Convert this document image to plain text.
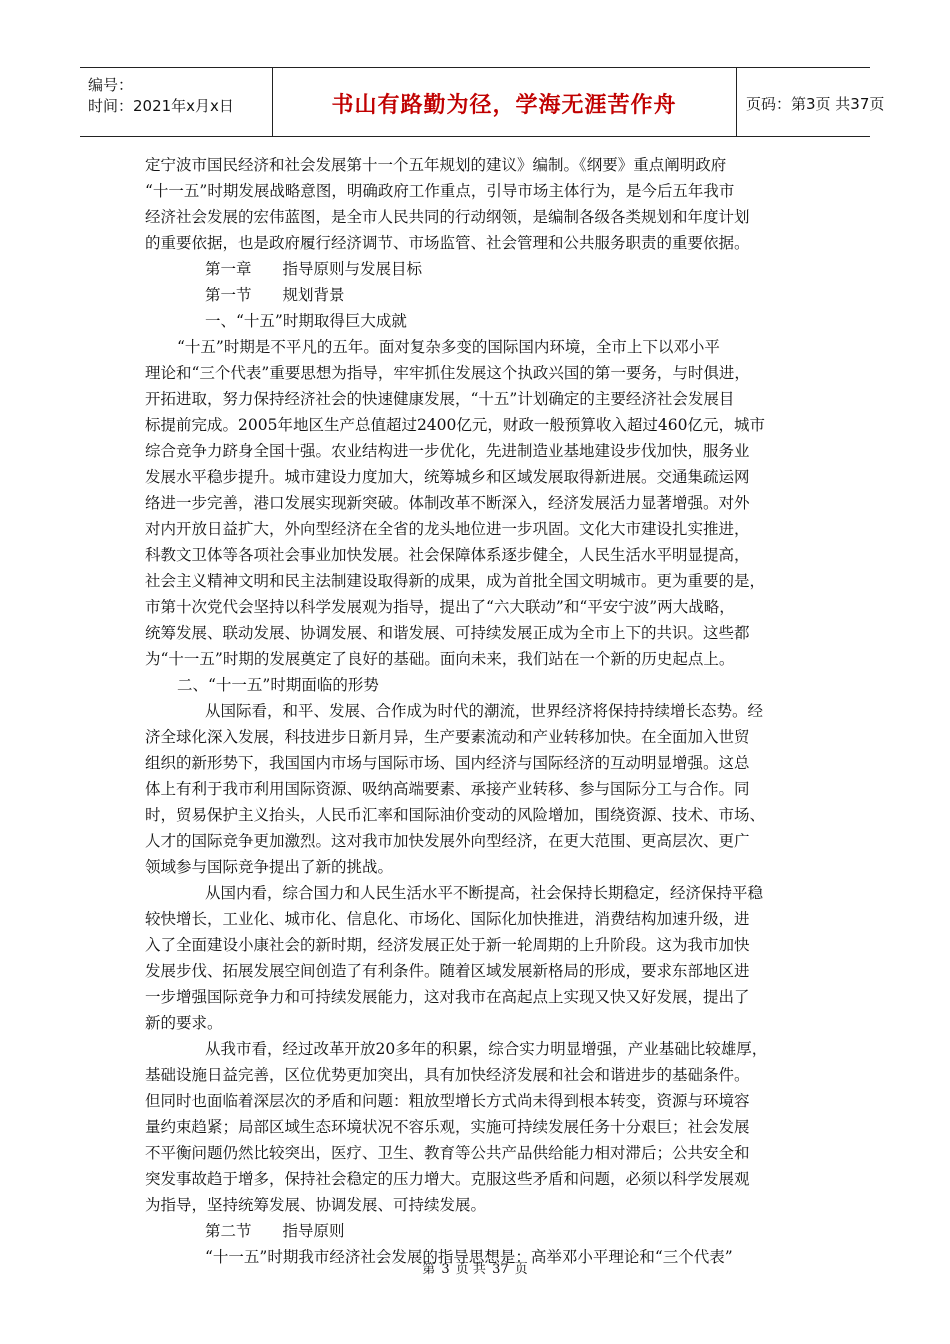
编号：
时间：2021年x月x日	书山有路勤为径，学海无涯苦作舟	页码：第3页 共37页
定宁波市国民经济和社会发展第十一个五年规划的建议》编制。《纲要》重点阐明政府
“十一五”时期发展战略意图，明确政府工作重点，引导市场主体行为，是今后五年我市
经济社会发展的宏伟蓝图，是全市人民共同的行动纲领，是编制各级各类规划和年度计划
的重要依据，也是政府履行经济调节、市场监管、社会管理和公共服务职责的重要依据。
第一章　　指导原则与发展目标
第一节　　规划背景
一、“十五”时期取得巨大成就
“十五”时期是不平凡的五年。面对复杂多变的国际国内环境，全市上下以邓小平
理论和“三个代表”重要思想为指导，牢牢抓住发展这个执政兴国的第一要务，与时俱进，
开拓进取，努力保持经济社会的快速健康发展，“十五”计划确定的主要经济社会发展目
标提前完成。2005年地区生产总值超过2400亿元，财政一般预算收入超过460亿元，城市
综合竞争力跻身全国十强。农业结构进一步优化，先进制造业基地建设步伐加快，服务业
发展水平稳步提升。城市建设力度加大，统筹城乡和区域发展取得新进展。交通集疏运网
络进一步完善，港口发展实现新突破。体制改革不断深入，经济发展活力显著增强。对外
对内开放日益扩大，外向型经济在全省的龙头地位进一步巩固。文化大市建设扎实推进，
科教文卫体等各项社会事业加快发展。社会保障体系逐步健全，人民生活水平明显提高，
社会主义精神文明和民主法制建设取得新的成果，成为首批全国文明城市。更为重要的是，
市第十次党代会坚持以科学发展观为指导，提出了“六大联动”和“平安宁波”两大战略，
统筹发展、联动发展、协调发展、和谐发展、可持续发展正成为全市上下的共识。这些都
为“十一五”时期的发展奠定了良好的基础。面向未来，我们站在一个新的历史起点上。
二、“十一五”时期面临的形势
从国际看，和平、发展、合作成为时代的潮流，世界经济将保持持续增长态势。经
济全球化深入发展，科技进步日新月异，生产要素流动和产业转移加快。在全面加入世贸
组织的新形势下，我国国内市场与国际市场、国内经济与国际经济的互动明显增强。这总
体上有利于我市利用国际资源、吸纳高端要素、承接产业转移、参与国际分工与合作。同
时，贸易保护主义抬头，人民币汇率和国际油价变动的风险增加，围绕资源、技术、市场、
人才的国际竞争更加激烈。这对我市加快发展外向型经济，在更大范围、更高层次、更广
领域参与国际竞争提出了新的挑战。
从国内看，综合国力和人民生活水平不断提高，社会保持长期稳定，经济保持平稳
较快增长，工业化、城市化、信息化、市场化、国际化加快推进，消费结构加速升级，进
入了全面建设小康社会的新时期，经济发展正处于新一轮周期的上升阶段。这为我市加快
发展步伐、拓展发展空间创造了有利条件。随着区域发展新格局的形成，要求东部地区进
一步增强国际竞争力和可持续发展能力，这对我市在高起点上实现又快又好发展，提出了
新的要求。
从我市看，经过改革开放20多年的积累，综合实力明显增强，产业基础比较雄厚，
基础设施日益完善，区位优势更加突出，具有加快经济发展和社会和谐进步的基础条件。
但同时也面临着深层次的矛盾和问题：粗放型增长方式尚未得到根本转变，资源与环境容
量约束趋紧；局部区域生态环境状况不容乐观，实施可持续发展任务十分艰巨；社会发展
不平衡问题仍然比较突出，医疗、卫生、教育等公共产品供给能力相对滞后；公共安全和
突发事故趋于增多，保持社会稳定的压力增大。克服这些矛盾和问题，必须以科学发展观
为指导，坚持统筹发展、协调发展、可持续发展。
第二节　　指导原则
“十一五”时期我市经济社会发展的指导思想是：高举邓小平理论和“三个代表”
第 3 页 共 37 页
